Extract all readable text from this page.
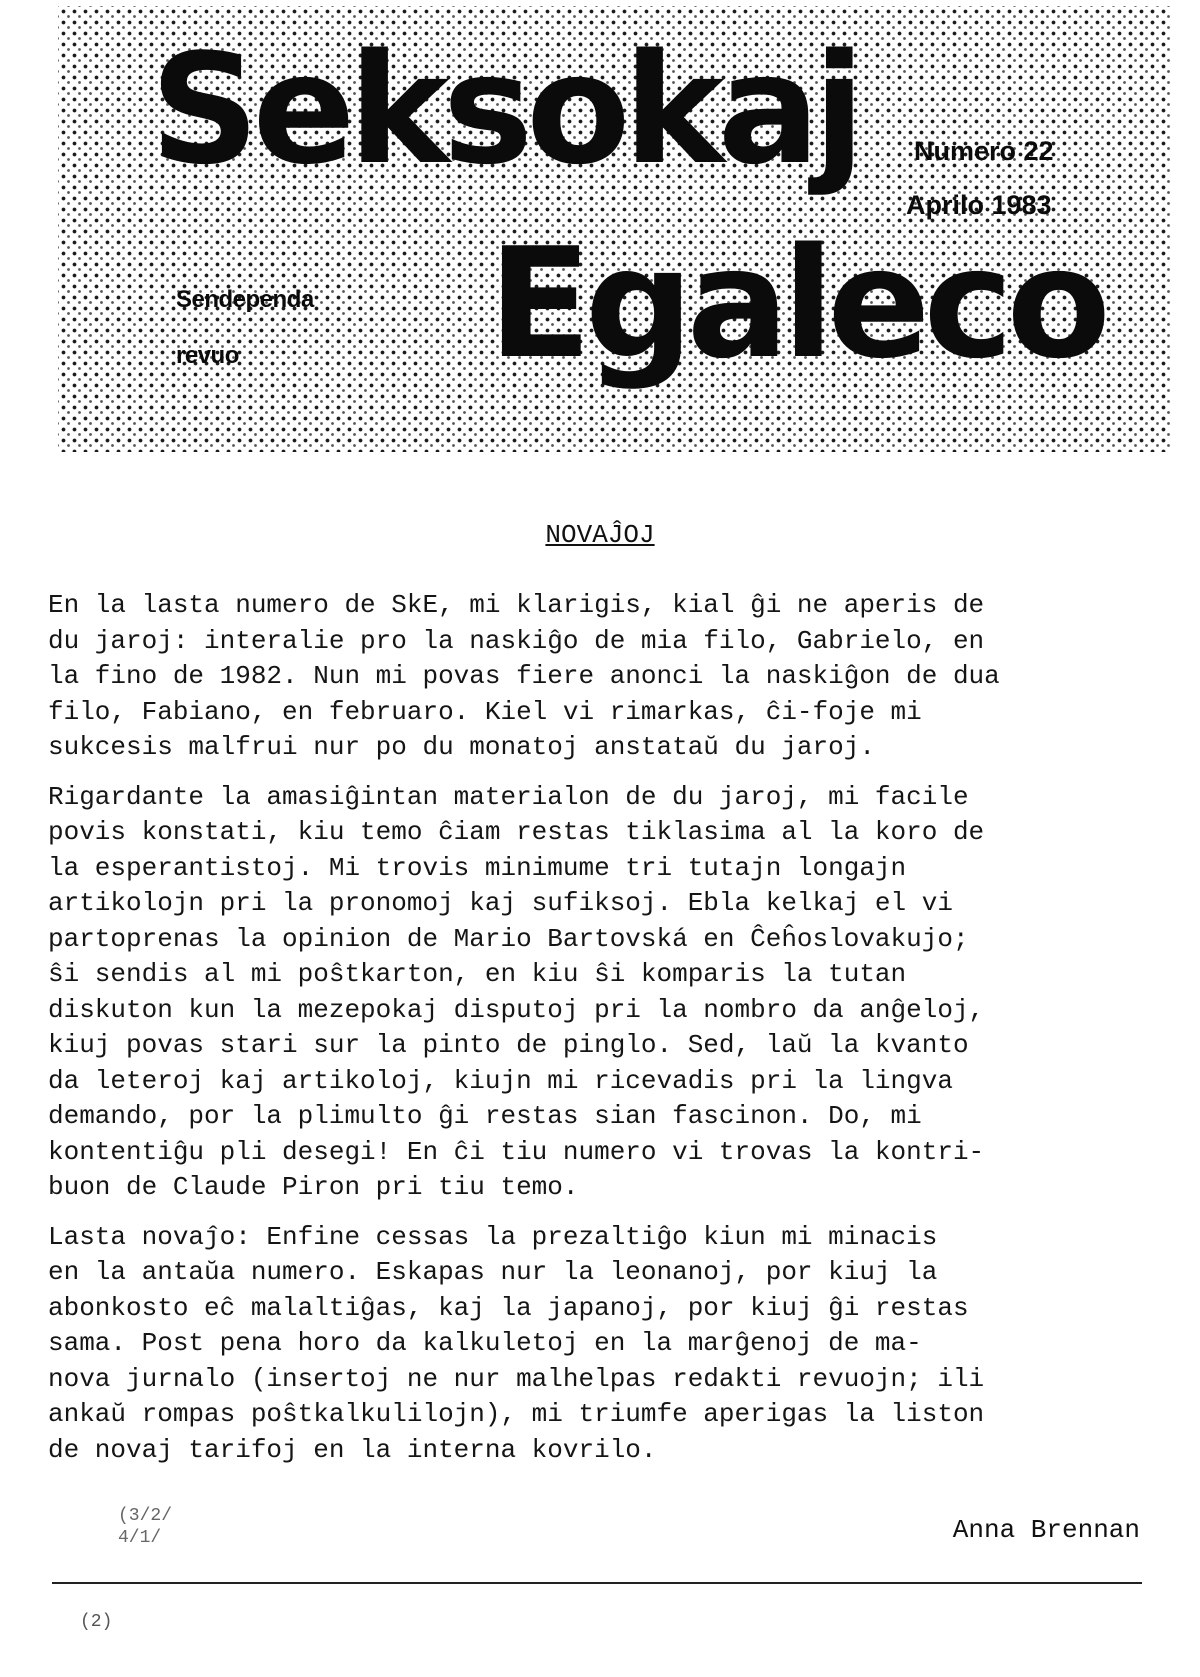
Seksokaj
Egaleco
Sendependa
revuo
Numero 22
Aprilo 1983
NOVAĴOJ

En la lasta numero de SkE, mi klarigis, kial ĝi ne aperis de
du jaroj: interalie pro la naskiĝo de mia filo, Gabrielo, en
la fino de 1982. Nun mi povas fiere anonci la naskiĝon de dua
filo, Fabiano, en februaro. Kiel vi rimarkas, ĉi-foje mi
sukcesis malfrui nur po du monatoj anstataŭ du jaroj.

Rigardante la amasiĝintan materialon de du jaroj, mi facile
povis konstati, kiu temo ĉiam restas tiklasima al la koro de
la esperantistoj. Mi trovis minimume tri tutajn longajn
artikolojn pri la pronomoj kaj sufiksoj. Ebla kelkaj el vi
partoprenas la opinion de Mario Bartovská en Ĉeĥoslovakujo;
ŝi sendis al mi poŝtkarton, en kiu ŝi komparis la tutan
diskuton kun la mezepokaj disputoj pri la nombro da anĝeloj,
kiuj povas stari sur la pinto de pinglo. Sed, laŭ la kvanto
da leteroj kaj artikoloj, kiujn mi ricevadis pri la lingva
demando, por la plimulto ĝi restas sian fascinon. Do, mi
kontentiĝu pli desegi! En ĉi tiu numero vi trovas la kontri-
buon de Claude Piron pri tiu temo.

Lasta novaĵo: Enfine cessas la prezaltiĝo kiun mi minacis
en la antaŭa numero. Eskapas nur la leonanoj, por kiuj la
abonkosto eĉ malaltiĝas, kaj la japanoj, por kiuj ĝi restas
sama. Post pena horo da kalkuletoj en la marĝenoj de ma-
nova jurnalo (insertoj ne nur malhelpas redakti revuojn; ili
ankaŭ rompas poŝtkalkulilojn), mi triumfe aperigas la liston
de novaj tarifoj en la interna kovrilo.

Anna Brennan
(3/2/
4/1/
(2)
